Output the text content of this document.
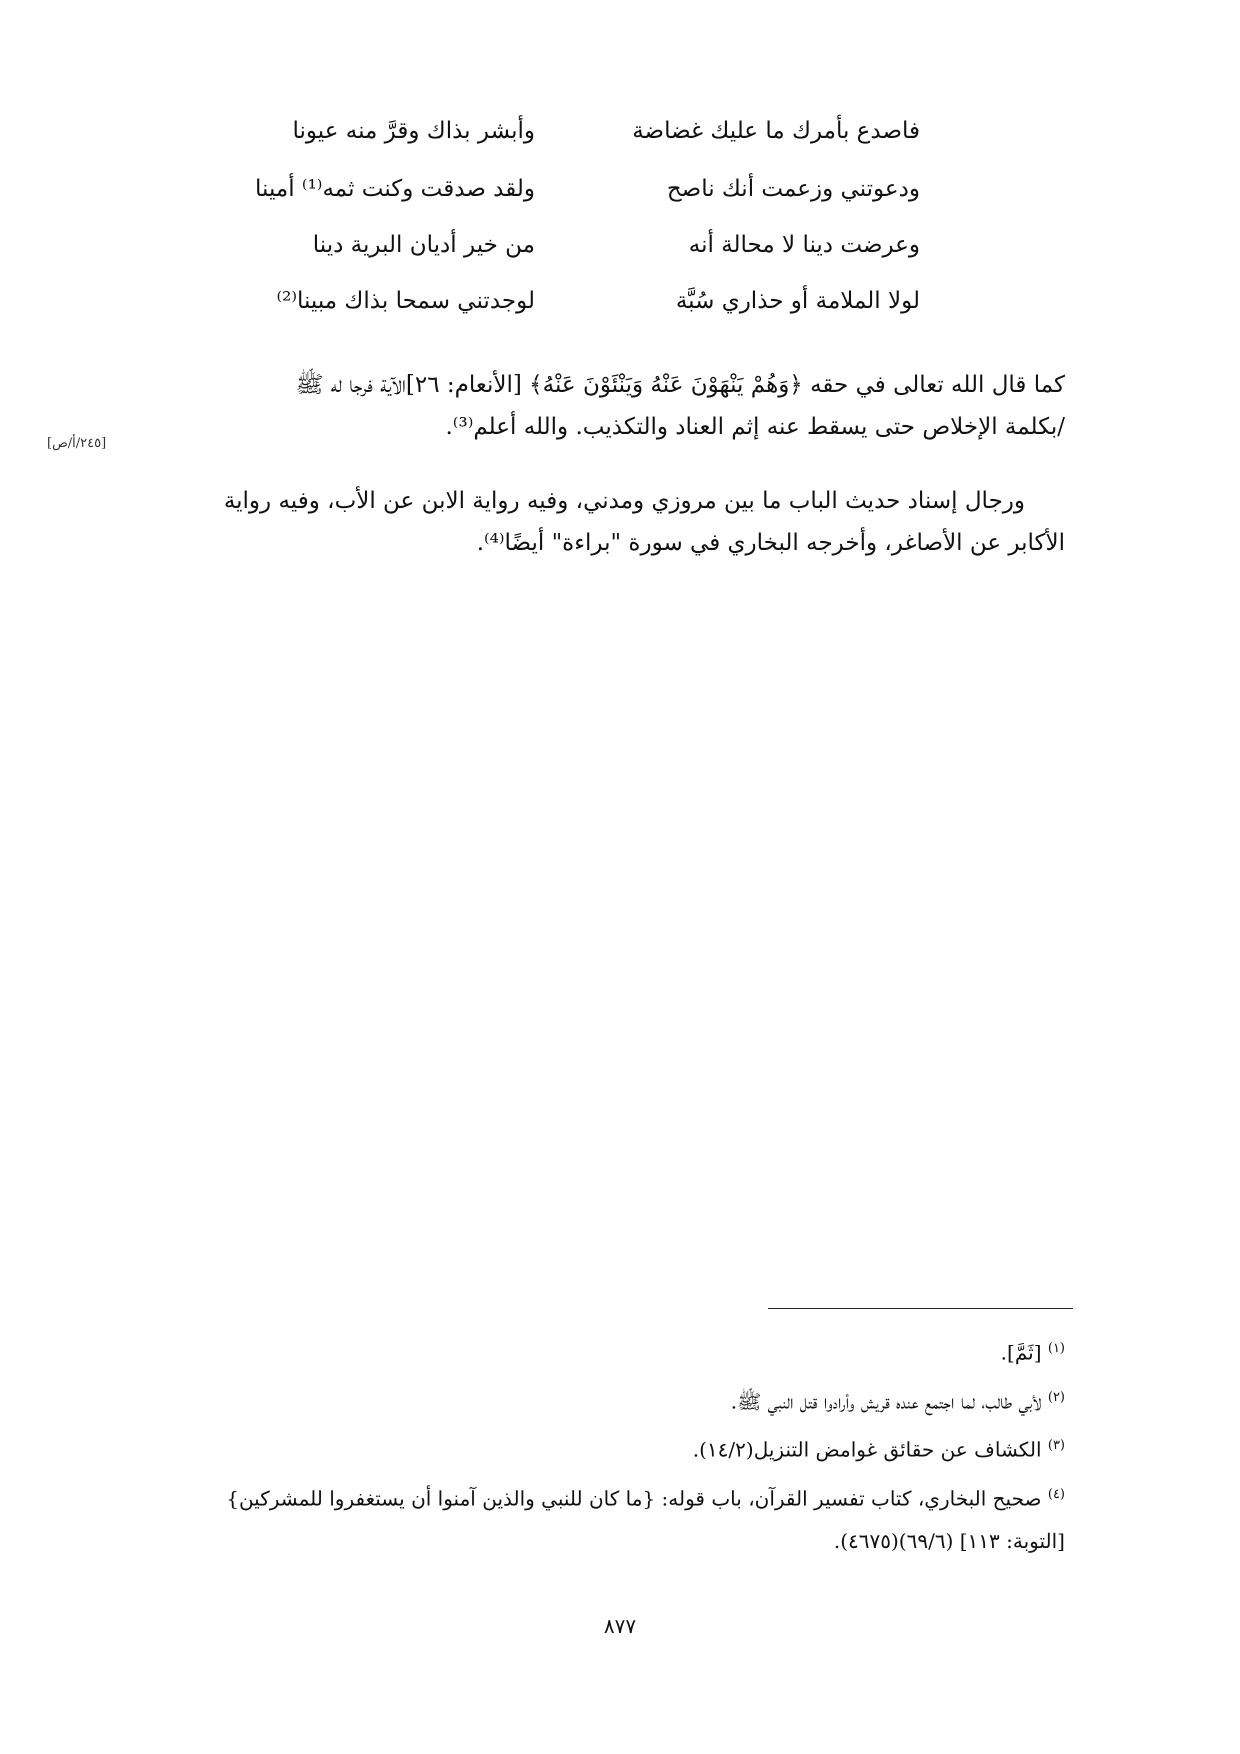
فاصدع بأمرك ما عليك غضاضة
وأبشر بذاك وقرَّ منه عيونا
ودعوتني وزعمت أنك ناصح
ولقد صدقت وكنت ثمه⁽¹⁾ أمينا
وعرضت دينا لا محالة أنه
من خير أديان البرية دينا
لولا الملامة أو حذاري سُبَّة
لوجدتني سمحا بذاك مبينا⁽²⁾
كما قال الله تعالى في حقه ﴿وَهُمْ يَنْهَوْنَ عَنْهُ وَيَنْئَوْنَ عَنْهُ﴾ [الأنعام: ٢٦]الآية فرجا له ﷺ
/بكلمة الإخلاص حتى يسقط عنه إثم العناد والتكذيب. والله أعلم⁽³⁾.
[٢٤٥/أ/ص]
ورجال إسناد حديث الباب ما بين مروزي ومدني، وفيه رواية الابن عن الأب، وفيه رواية
الأكابر عن الأصاغر، وأخرجه البخاري في سورة "براءة" أيضًا⁽⁴⁾.
$^{(١)}$ [ثَمَّ].
$^{(٢)}$ لأبي طالب، لما اجتمع عنده قريش وأرادوا قتل النبي ﷺ.
$^{(٣)}$ الكشاف عن حقائق غوامض التنزيل(١٤/٢).
$^{(٤)}$ صحيح البخاري، كتاب تفسير القرآن، باب قوله: {ما كان للنبي والذين آمنوا أن يستغفروا للمشركين}
[التوبة: ١١٣] (٦٩/٦)(٤٦٧٥).
٨٧٧
